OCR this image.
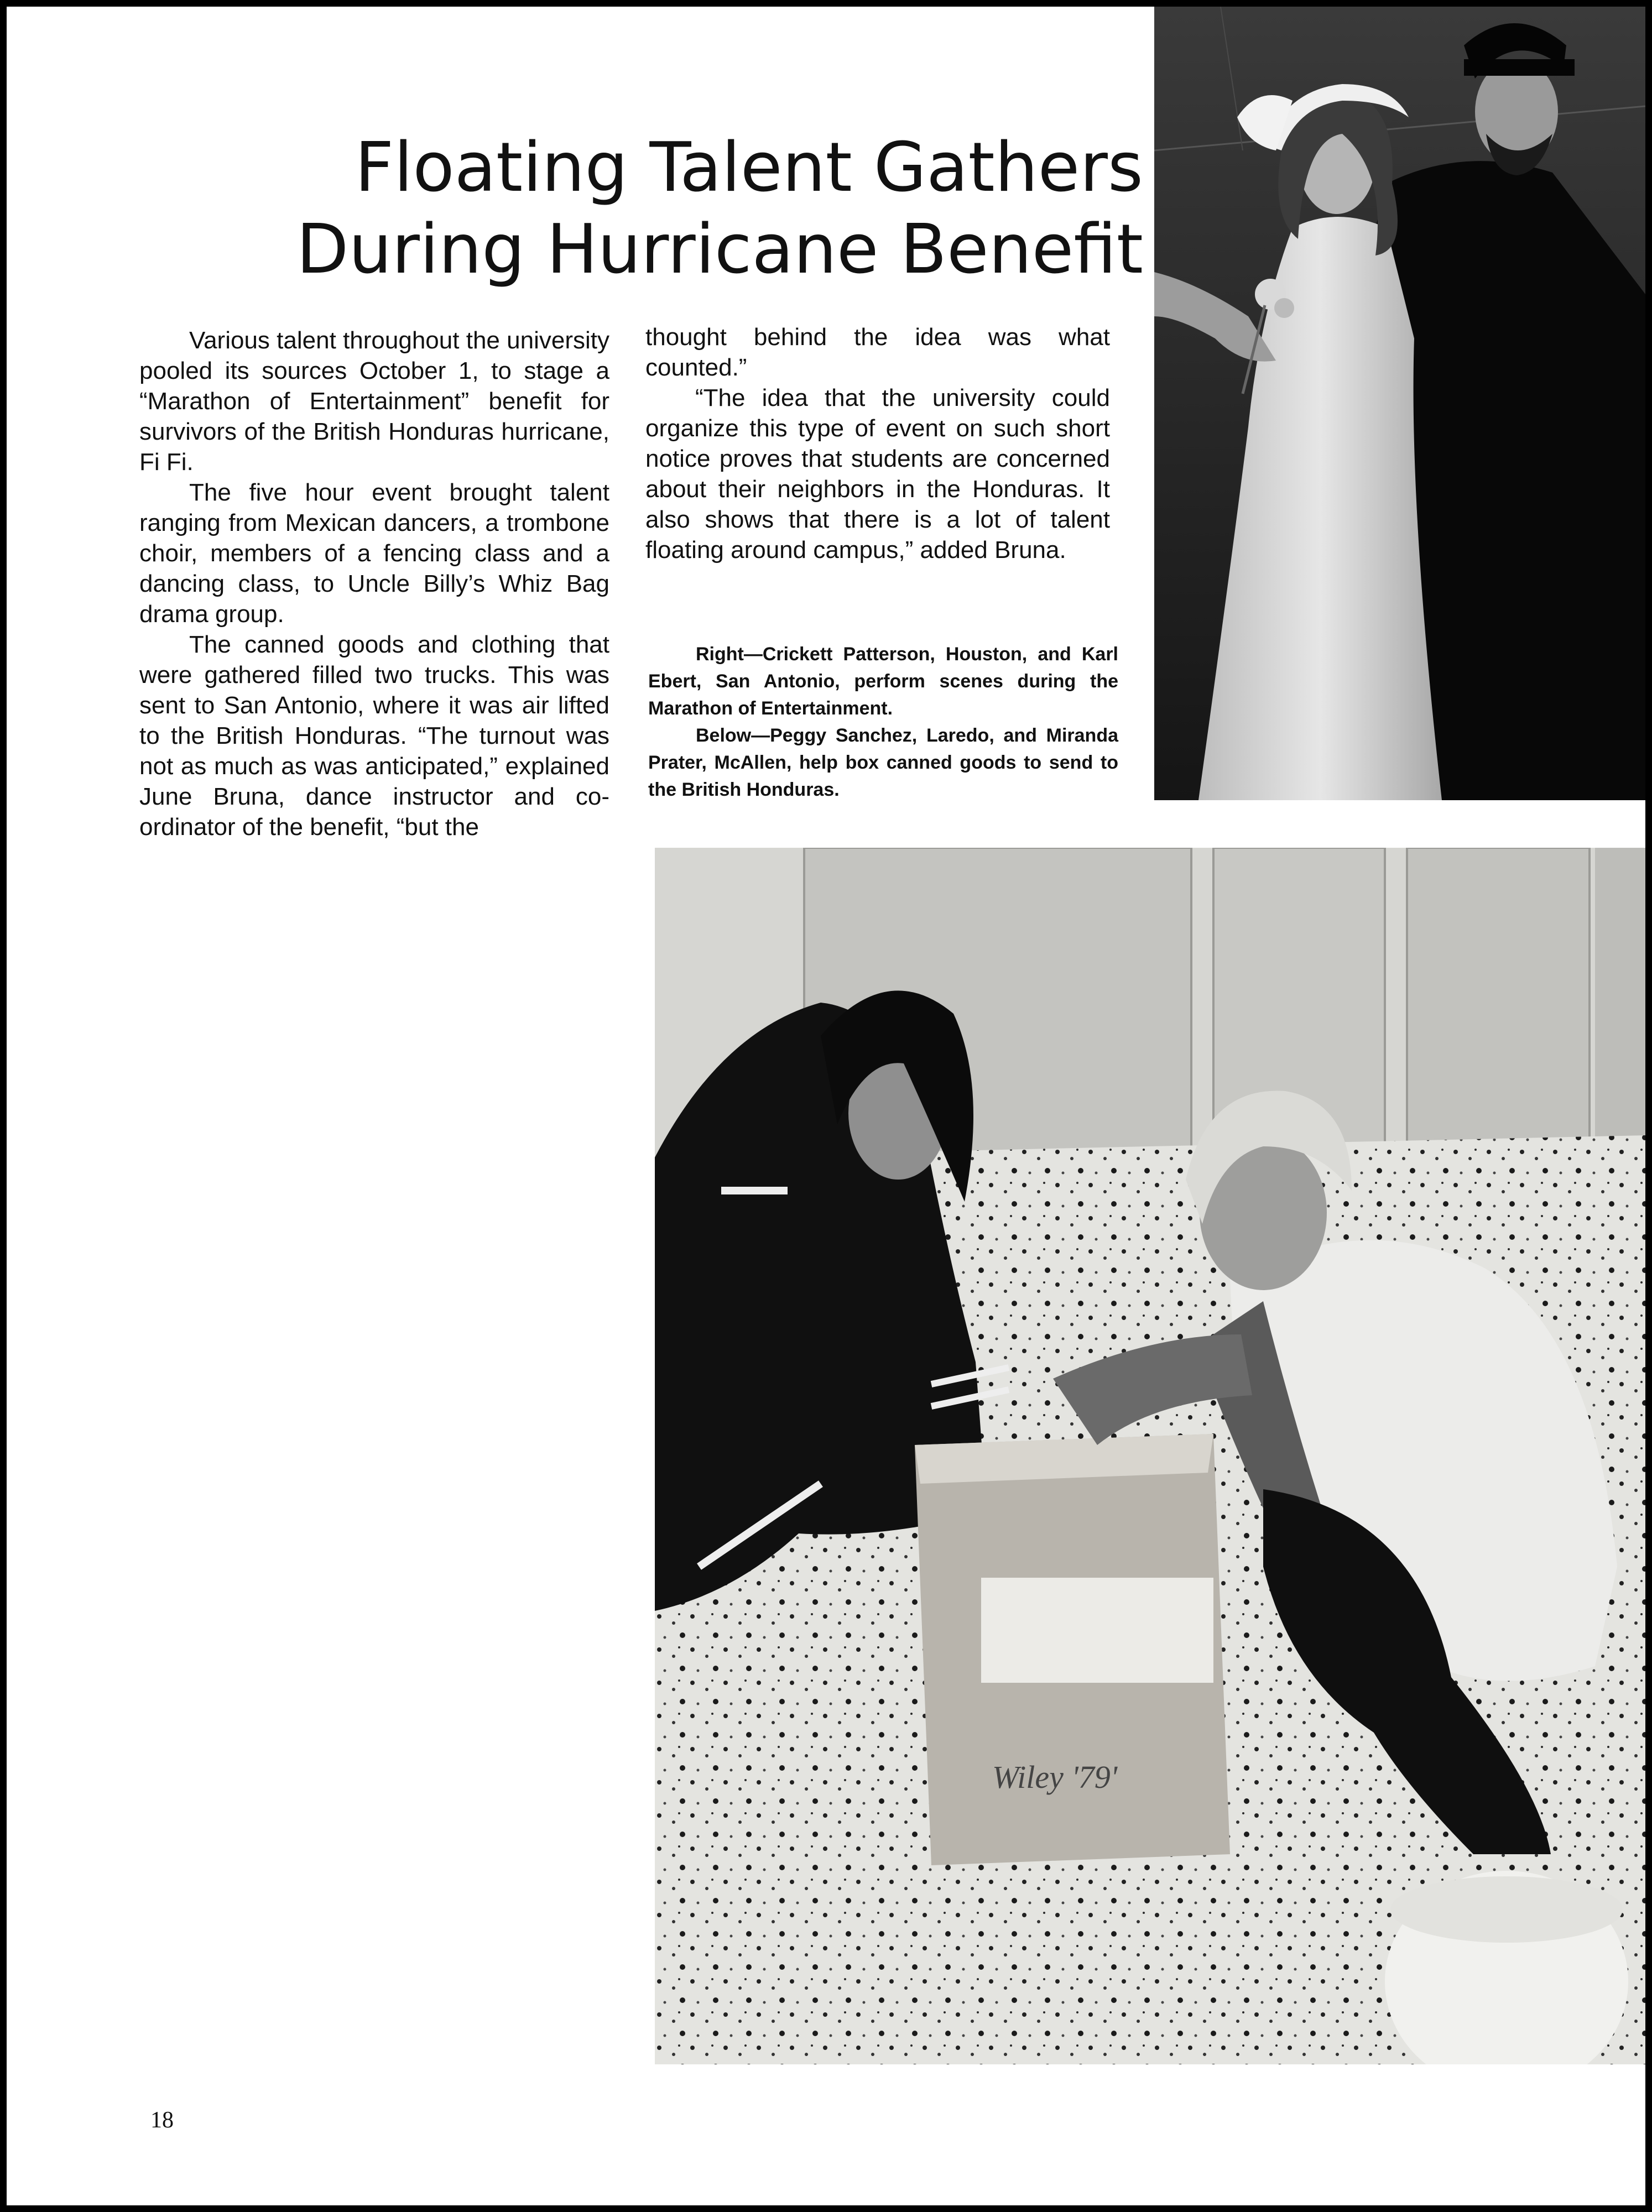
Floating Talent Gathers
During Hurricane Benefit

Various talent throughout the university pooled its sources October 1, to stage a “Marathon of Entertainment” benefit for survivors of the British Honduras hurricane, Fi Fi.

The five hour event brought talent ranging from Mexican dancers, a trombone choir, members of a fencing class and a dancing class, to Uncle Billy’s Whiz Bag drama group.

The canned goods and clothing that were gathered filled two trucks. This was sent to San Antonio, where it was air lifted to the British Honduras. “The turnout was not as much as was anticipated,” explained June Bruna, dance instructor and co-ordinator of the benefit, “but the

thought behind the idea was what counted.”

“The idea that the university could organize this type of event on such short notice proves that students are concerned about their neighbors in the Honduras. It also shows that there is a lot of talent floating around campus,” added Bruna.

Right—Crickett Patterson, Houston, and Karl Ebert, San Antonio, perform scenes during the Marathon of Entertainment.

Below—Peggy Sanchez, Laredo, and Miranda Prater, McAllen, help box canned goods to send to the British Honduras.

Wiley '79'
18
